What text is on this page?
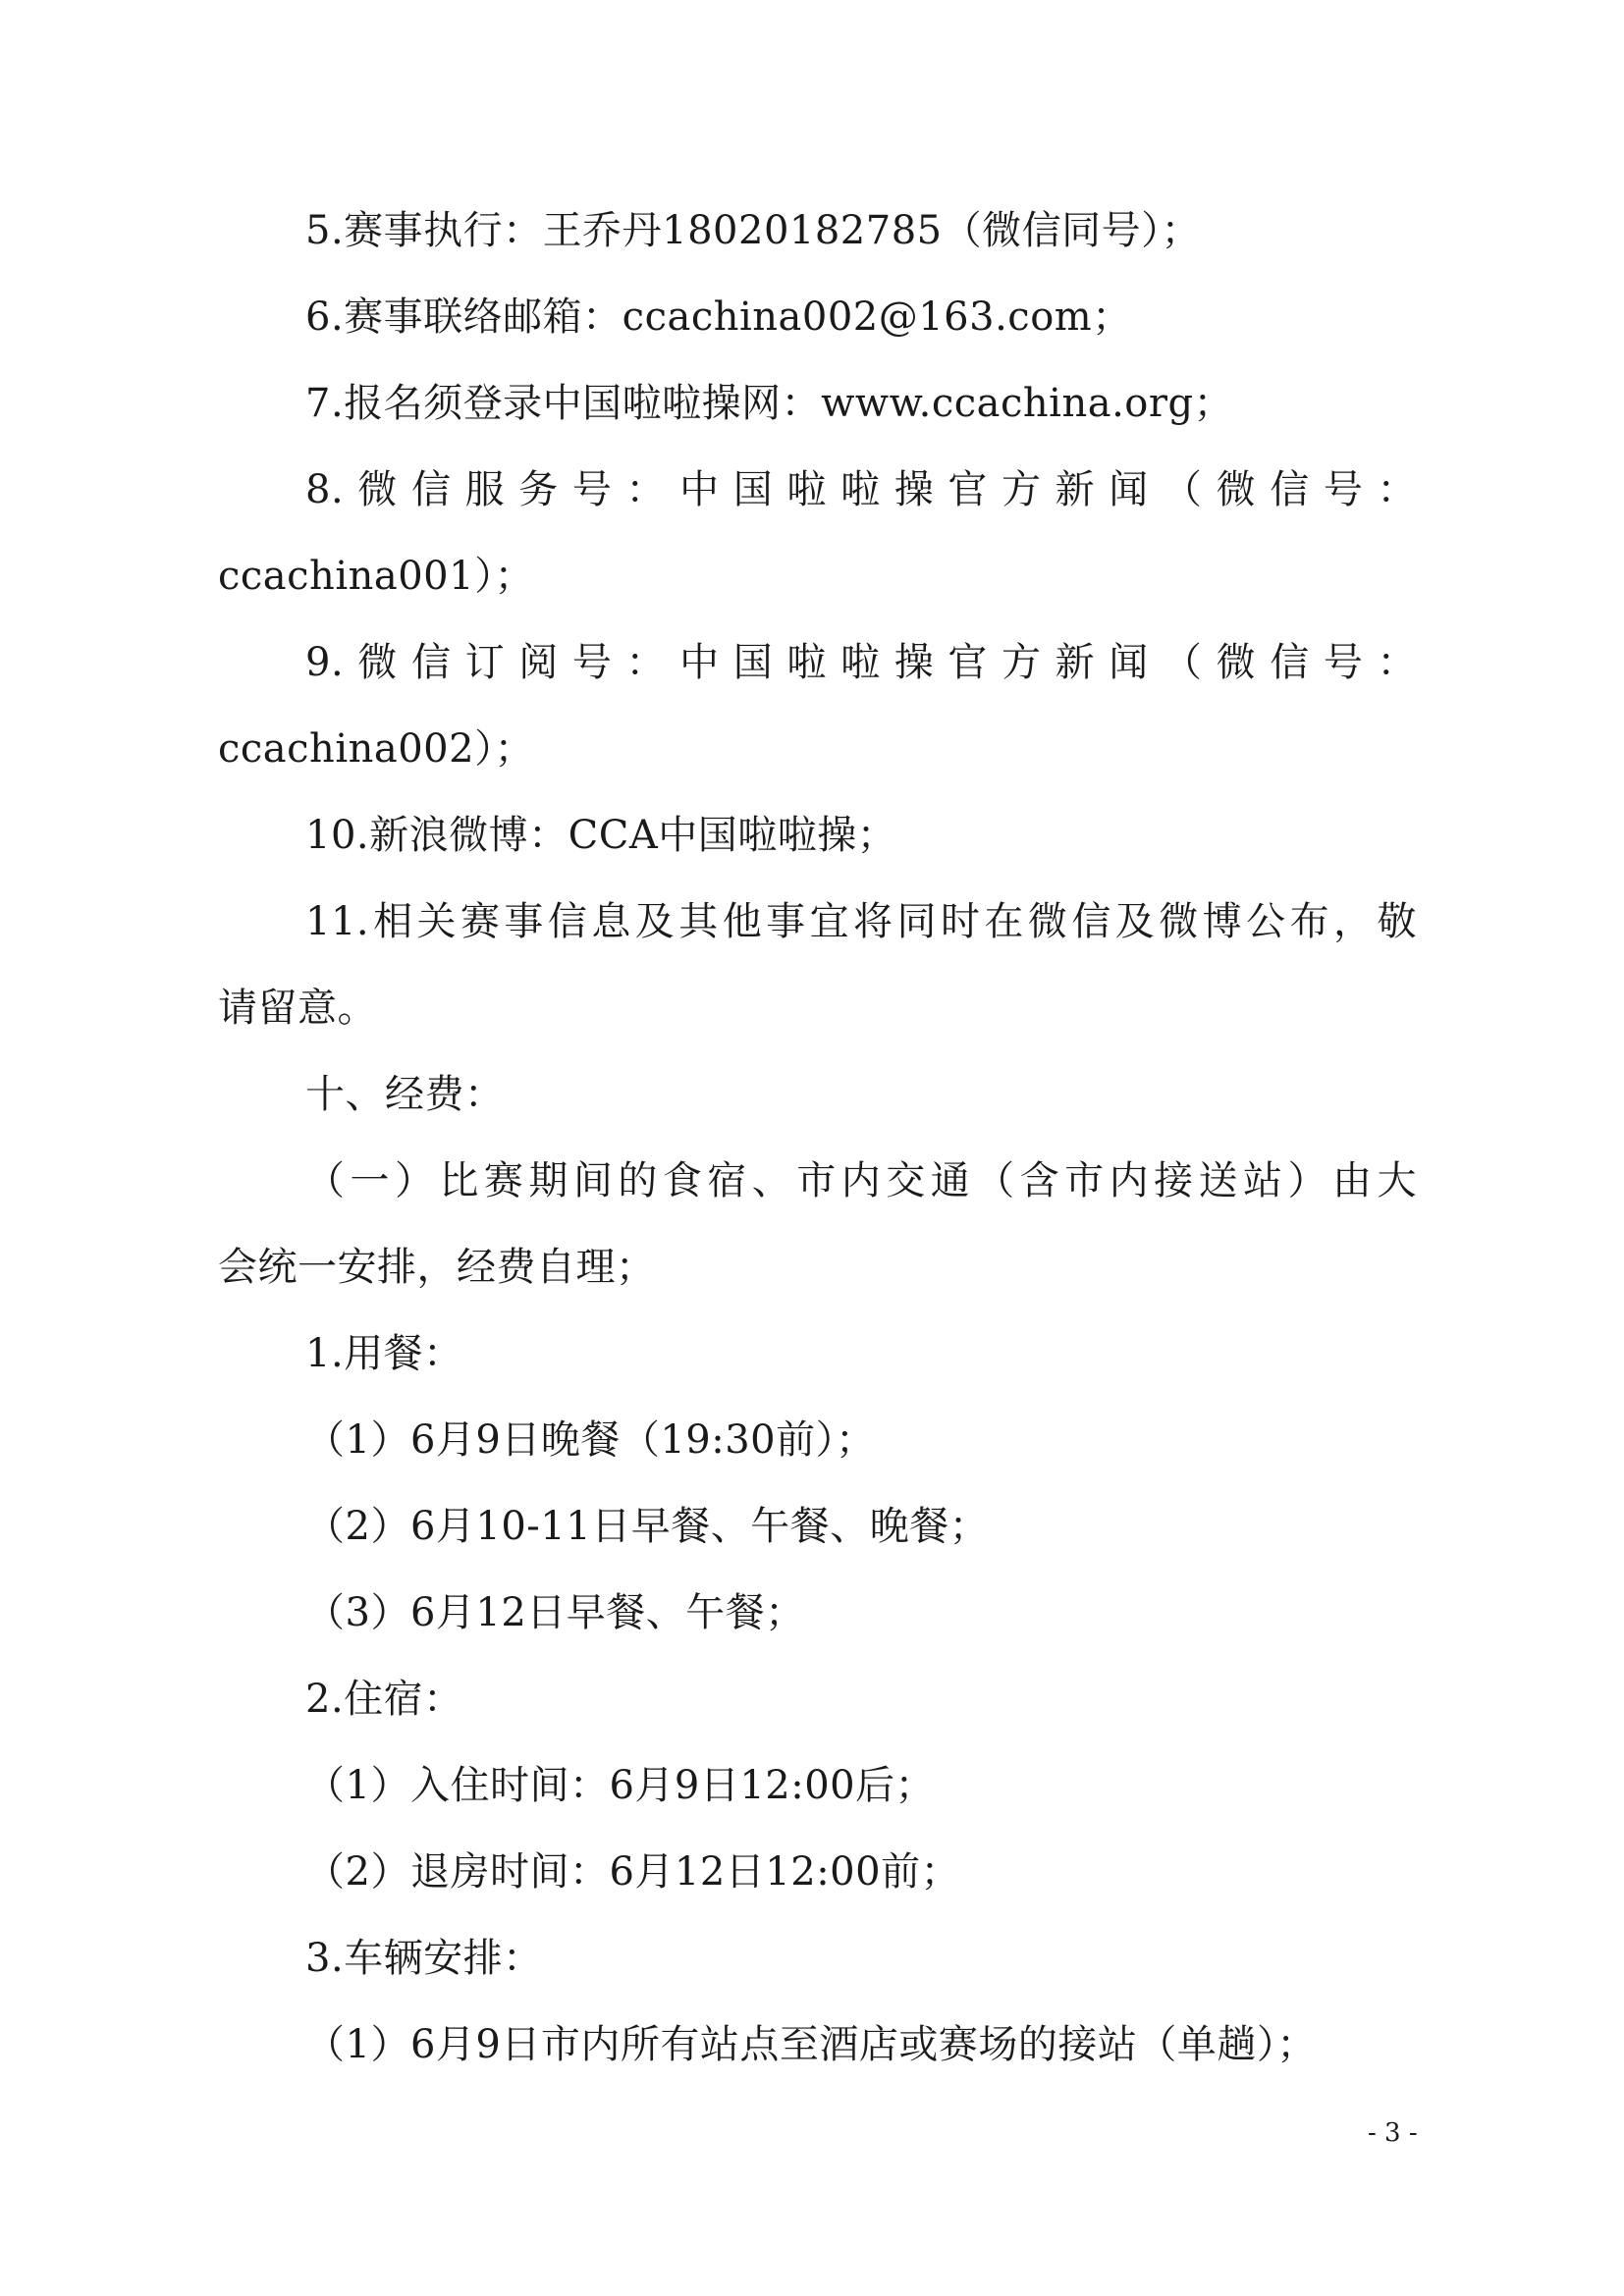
5.赛事执行：王乔丹18020182785（微信同号）；
6.赛事联络邮箱：ccachina002@163.com；
7.报名须登录中国啦啦操网：www.ccachina.org；
8.微信服务号：中国啦啦操官方新闻（微信号：
ccachina001）；
9.微信订阅号：中国啦啦操官方新闻（微信号：
ccachina002）；
10.新浪微博：CCA中国啦啦操；
11.相关赛事信息及其他事宜将同时在微信及微博公布，敬
请留意。
十、经费：
（一）比赛期间的食宿、市内交通（含市内接送站）由大
会统一安排，经费自理；
1.用餐：
（1）6月9日晚餐（19:30前）；
（2）6月10-11日早餐、午餐、晚餐；
（3）6月12日早餐、午餐；
2.住宿：
（1）入住时间：6月9日12:00后；
（2）退房时间：6月12日12:00前；
3.车辆安排：
（1）6月9日市内所有站点至酒店或赛场的接站（单趟）；
- 3 -
